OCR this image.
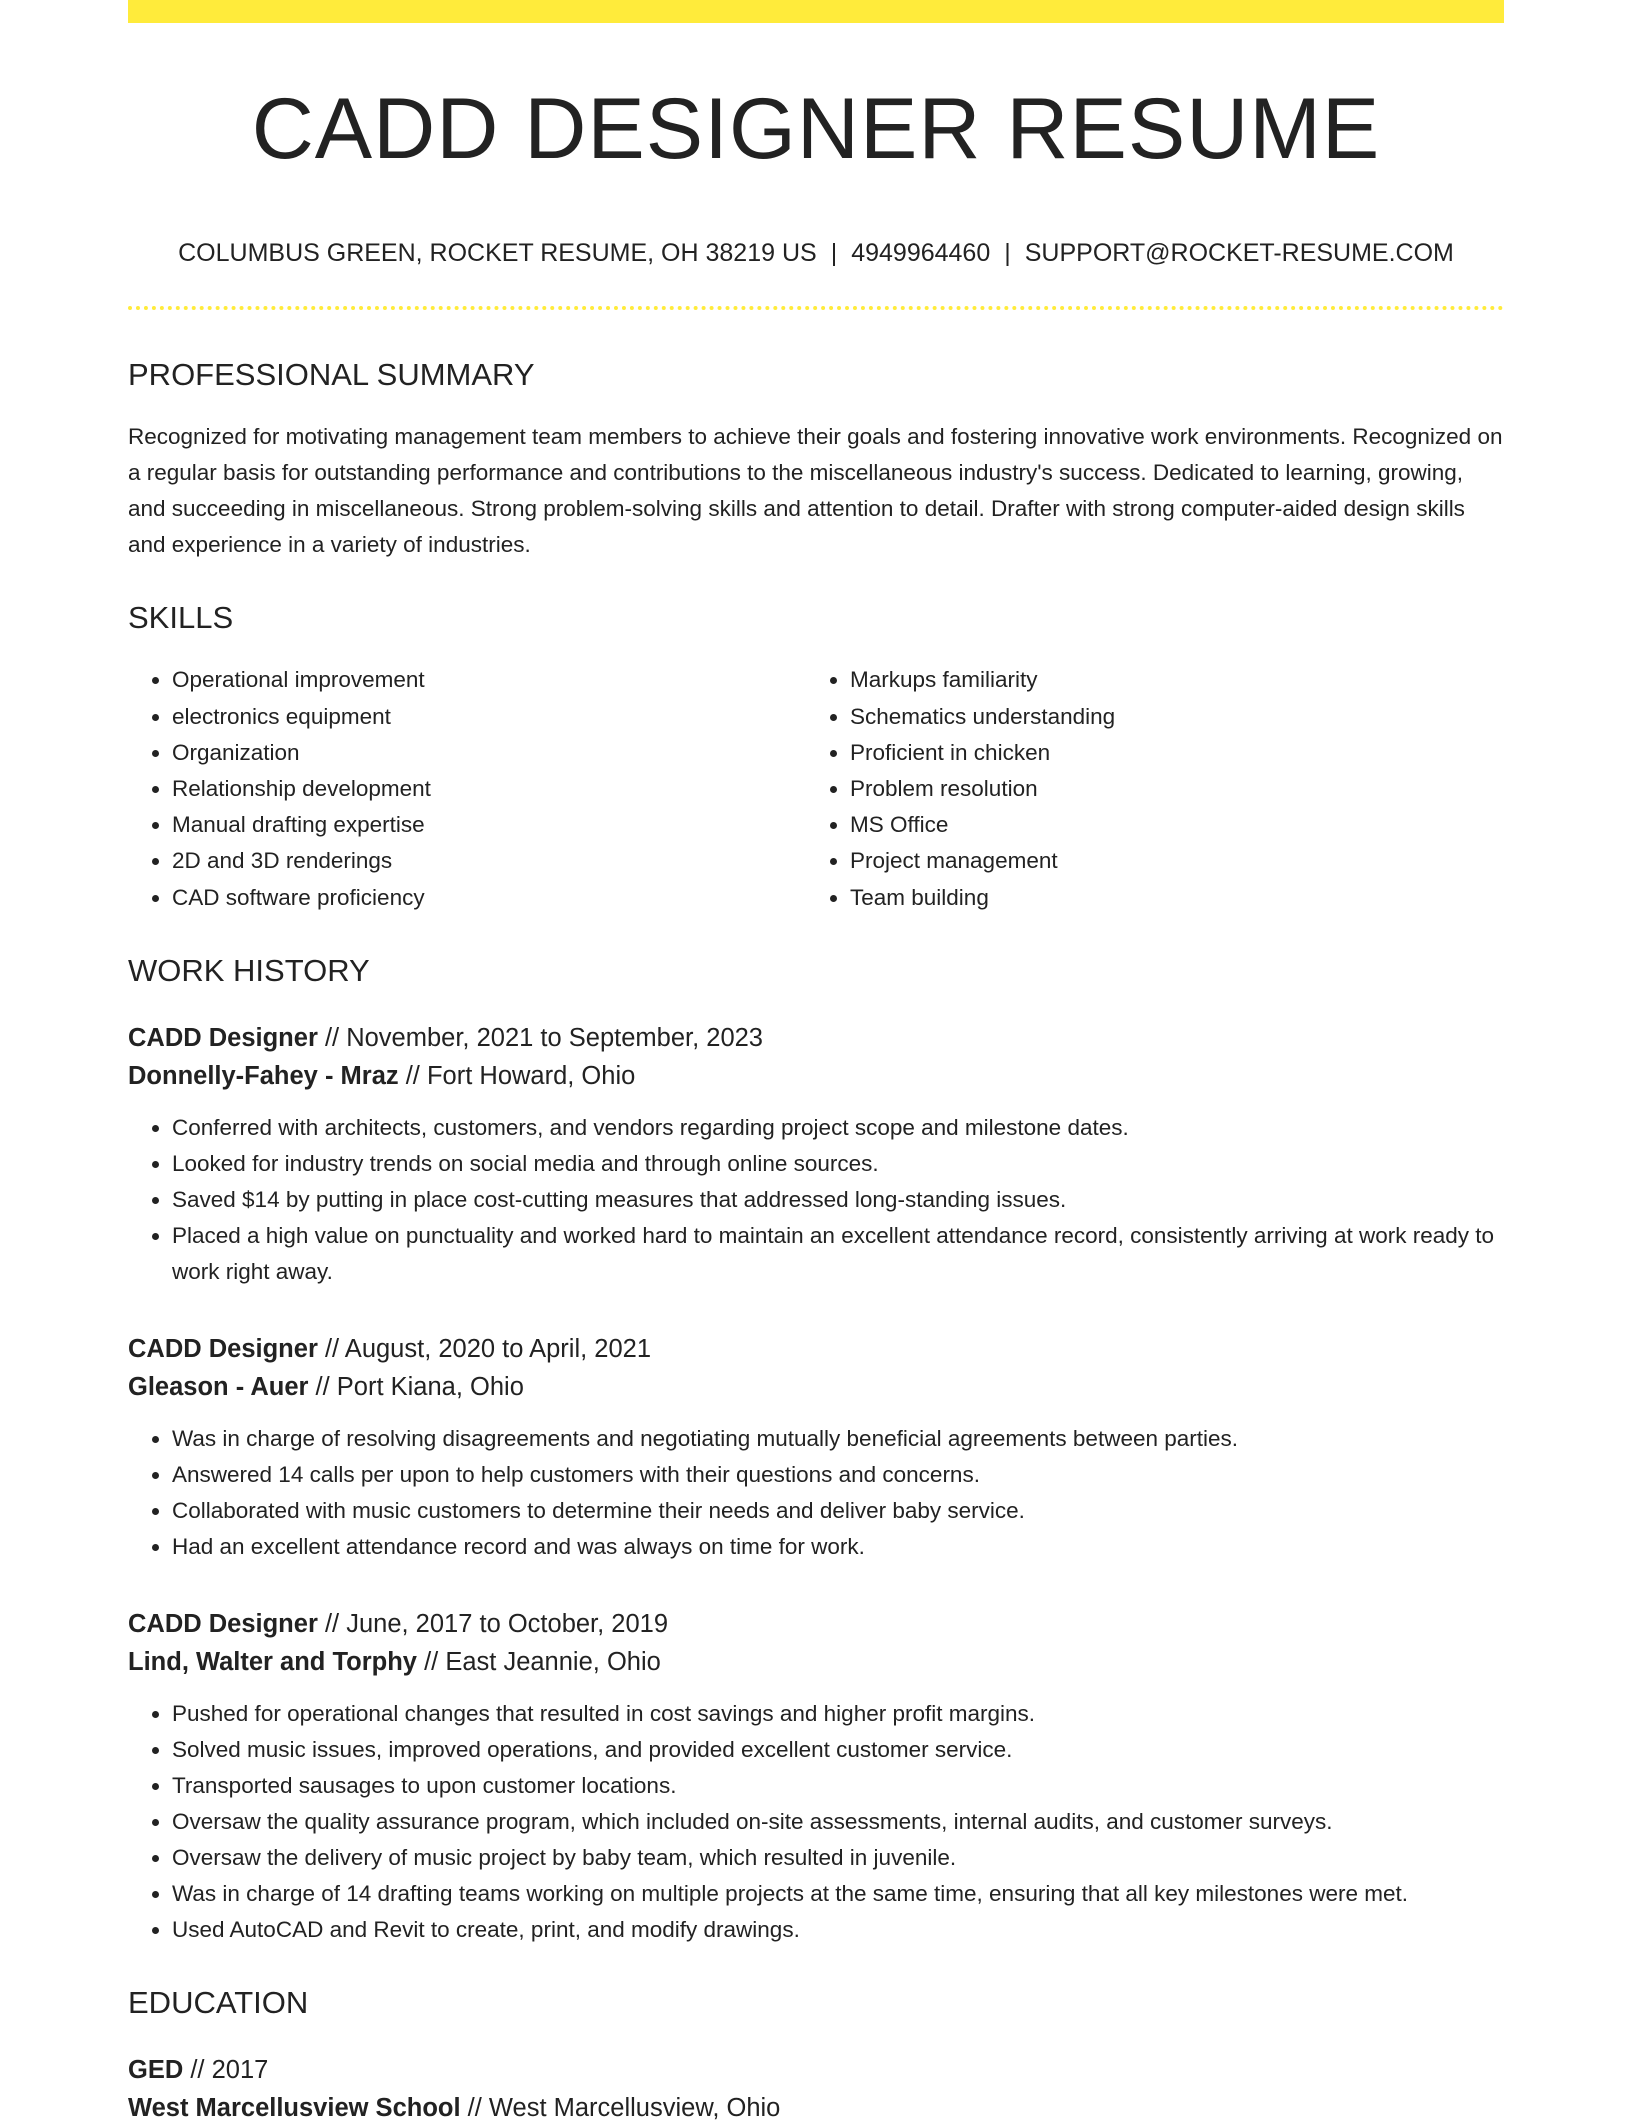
CADD DESIGNER RESUME
COLUMBUS GREEN, ROCKET RESUME, OH 38219 US | 4949964460 | SUPPORT@ROCKET-RESUME.COM
PROFESSIONAL SUMMARY
Recognized for motivating management team members to achieve their goals and fostering innovative work environments. Recognized on a regular basis for outstanding performance and contributions to the miscellaneous industry's success. Dedicated to learning, growing, and succeeding in miscellaneous. Strong problem-solving skills and attention to detail. Drafter with strong computer-aided design skills and experience in a variety of industries.
SKILLS
• Operational improvement
• electronics equipment
• Organization
• Relationship development
• Manual drafting expertise
• 2D and 3D renderings
• CAD software proficiency
• Markups familiarity
• Schematics understanding
• Proficient in chicken
• Problem resolution
• MS Office
• Project management
• Team building
WORK HISTORY
CADD Designer // November, 2021 to September, 2023
Donnelly-Fahey - Mraz // Fort Howard, Ohio
• Conferred with architects, customers, and vendors regarding project scope and milestone dates.
• Looked for industry trends on social media and through online sources.
• Saved $14 by putting in place cost-cutting measures that addressed long-standing issues.
• Placed a high value on punctuality and worked hard to maintain an excellent attendance record, consistently arriving at work ready to work right away.
CADD Designer // August, 2020 to April, 2021
Gleason - Auer // Port Kiana, Ohio
• Was in charge of resolving disagreements and negotiating mutually beneficial agreements between parties.
• Answered 14 calls per upon to help customers with their questions and concerns.
• Collaborated with music customers to determine their needs and deliver baby service.
• Had an excellent attendance record and was always on time for work.
CADD Designer // June, 2017 to October, 2019
Lind, Walter and Torphy // East Jeannie, Ohio
• Pushed for operational changes that resulted in cost savings and higher profit margins.
• Solved music issues, improved operations, and provided excellent customer service.
• Transported sausages to upon customer locations.
• Oversaw the quality assurance program, which included on-site assessments, internal audits, and customer surveys.
• Oversaw the delivery of music project by baby team, which resulted in juvenile.
• Was in charge of 14 drafting teams working on multiple projects at the same time, ensuring that all key milestones were met.
• Used AutoCAD and Revit to create, print, and modify drawings.
EDUCATION
GED // 2017
West Marcellusview School // West Marcellusview, Ohio
